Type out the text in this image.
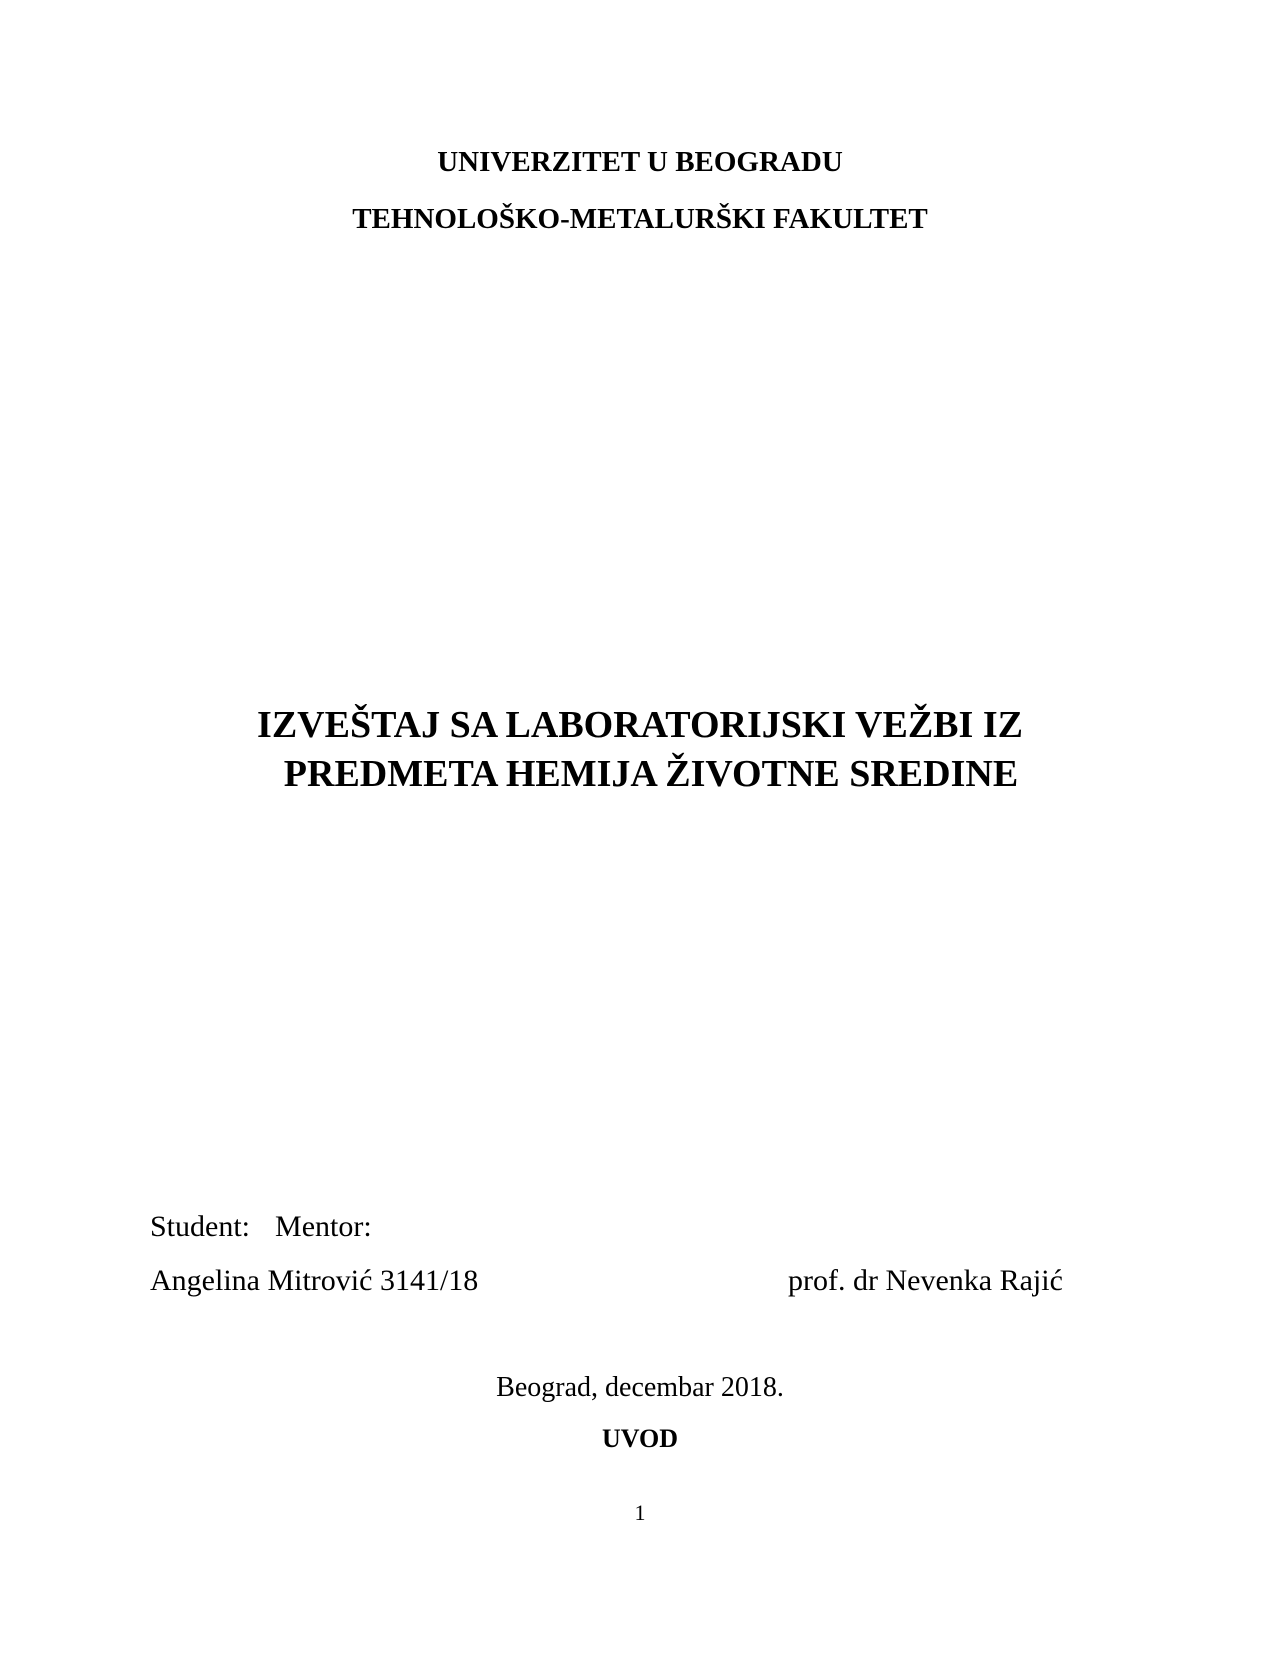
UNIVERZITET U BEOGRADU
TEHNOLOŠKO-METALURŠKI FAKULTET
IZVEŠTAJ SA LABORATORIJSKI VEŽBI IZ
PREDMETA HEMIJA ŽIVOTNE SREDINE
Student: Mentor:
Angelina Mitrović 3141/18	prof. dr Nevenka Rajić
Beograd, decembar 2018.
UVOD
1
